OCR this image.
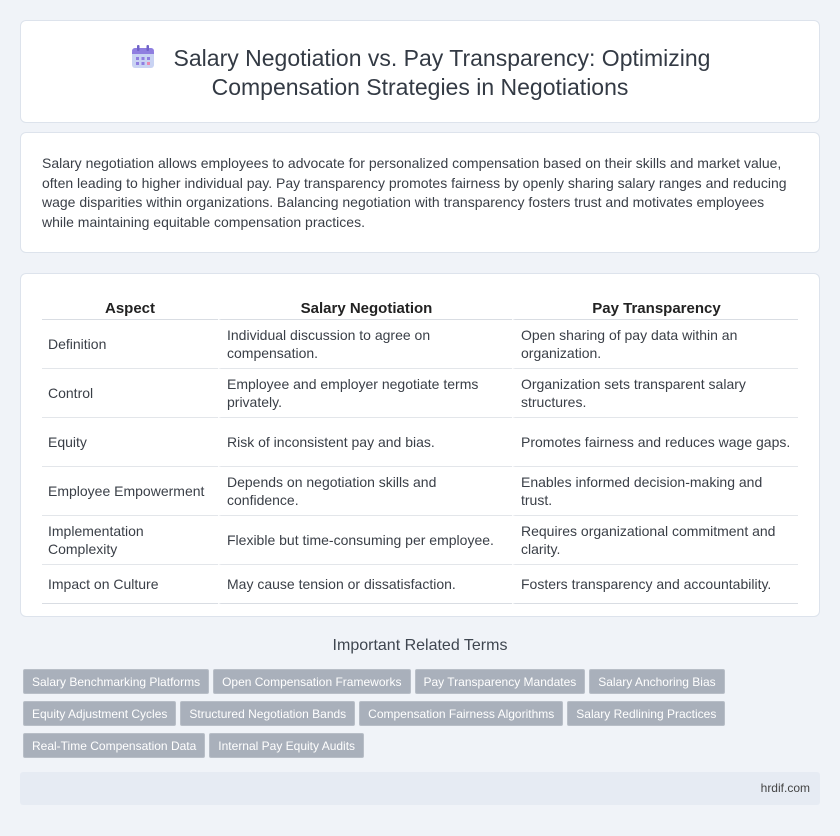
Salary Negotiation vs. Pay Transparency: Optimizing
Compensation Strategies in Negotiations

Salary negotiation allows employees to advocate for personalized compensation based on their skills and market value, often leading to higher individual pay. Pay transparency promotes fairness by openly sharing salary ranges and reducing wage disparities within organizations. Balancing negotiation with transparency fosters trust and motivates employees while maintaining equitable compensation practices.

Aspect	Salary Negotiation	Pay Transparency
Definition	Individual discussion to agree on compensation.	Open sharing of pay data within an organization.
Control	Employee and employer negotiate terms privately.	Organization sets transparent salary structures.
Equity	Risk of inconsistent pay and bias.	Promotes fairness and reduces wage gaps.
Employee Empowerment	Depends on negotiation skills and confidence.	Enables informed decision-making and trust.
Implementation Complexity	Flexible but time-consuming per employee.	Requires organizational commitment and clarity.
Impact on Culture	May cause tension or dissatisfaction.	Fosters transparency and accountability.
Important Related Terms
Salary Benchmarking Platforms Open Compensation Frameworks Pay Transparency Mandates Salary Anchoring Bias
Equity Adjustment Cycles Structured Negotiation Bands Compensation Fairness Algorithms Salary Redlining Practices
Real-Time Compensation Data Internal Pay Equity Audits
hrdif.com
